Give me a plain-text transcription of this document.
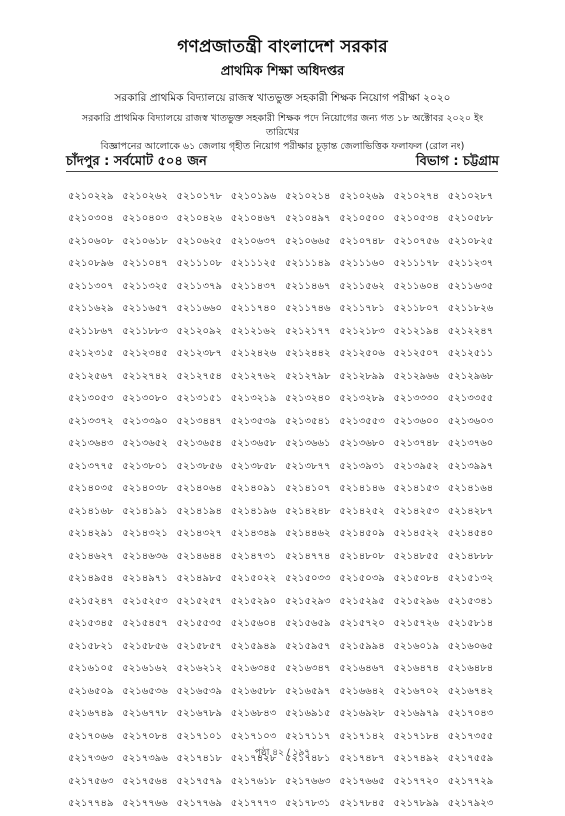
গণপ্রজাতন্ত্রী বাংলাদেশ সরকার
প্রাথমিক শিক্ষা অধিদপ্তর
সরকারি প্রাথমিক বিদ্যালয়ে রাজস্ব খাতভুক্ত সহকারী শিক্ষক নিয়োগ পরীক্ষা ২০২০
সরকারি প্রাথমিক বিদ্যালয়ে রাজস্ব খাতভুক্ত সহকারী শিক্ষক পদে নিয়োগের জন্য গত ১৮ অক্টোবর ২০২০ ইং তারিখের
বিজ্ঞাপনের আলোকে ৬১ জেলায় গৃহীত নিয়োগ পরীক্ষার চূড়ান্ত জেলাভিত্তিক ফলাফল (রোল নং)
চাঁদপুর : সর্বমোট ৫০৪ জন	বিভাগ : চট্টগ্রাম
৫২১০২২৯ ৫২১০২৬২ ৫২১০১৭৮ ৫২১০১৯৬ ৫২১০২১৪ ৫২১০২৬৯ ৫২১০২৭৪ ৫২১০২৮৭
৫২১০৩০৪ ৫২১০৪০৩ ৫২১০৪২৬ ৫২১০৪৬৭ ৫২১০৪৯৭ ৫২১০৫০০ ৫২১০৫৩৪ ৫২১০৫৮৮
৫২১০৬০৮ ৫২১০৬১৮ ৫২১০৬২৫ ৫২১০৬৩৭ ৫২১০৬৬৫ ৫২১০৭৪৮ ৫২১০৭৫৬ ৫২১০৮২৫
৫২১০৮৯৬ ৫২১১০৪৭ ৫২১১১০৮ ৫২১১১২৫ ৫২১১১৪৯ ৫২১১১৬০ ৫২১১১৭৮ ৫২১১২৩৭
৫২১১৩০৭ ৫২১১৩২৫ ৫২১১৩৭৯ ৫২১১৪৩৭ ৫২১১৪৬৭ ৫২১১৫৬২ ৫২১১৬০৪ ৫২১১৬৩৫
৫২১১৬২৯ ৫২১১৬৫৭ ৫২১১৬৬০ ৫২১১৭৪০ ৫২১১৭৪৬ ৫২১১৭৮১ ৫২১১৮০৭ ৫২১১৮২৬
৫২১১৮৬৭ ৫২১১৮৮৩ ৫২১২০৯২ ৫২১২১৬২ ৫২১২১৭৭ ৫২১২১৮৩ ৫২১২১৯৪ ৫২১২২৪৭
৫২১২৩১৫ ৫২১২৩৪৫ ৫২১২৩৮৭ ৫২১২৪২৬ ৫২১২৪৪২ ৫২১২৫০৬ ৫২১২৫০৭ ৫২১২৫১১
৫২১২৫৬৭ ৫২১২৭৪২ ৫২১২৭৫৪ ৫২১২৭৬২ ৫২১২৭৯৮ ৫২১২৮৯৯ ৫২১২৯৬৬ ৫২১২৯৬৮
৫২১৩০৫৩ ৫২১৩০৮০ ৫২১৩১৫১ ৫২১৩২১৯ ৫২১৩২৪০ ৫২১৩২৮৯ ৫২১৩৩৩০ ৫২১৩৩৫৫
৫২১৩৩৭২ ৫২১৩৩৯০ ৫২১৩৪৪৭ ৫২১৩৫৩৯ ৫২১৩৫৪১ ৫২১৩৫৫৩ ৫২১৩৬০০ ৫২১৩৬০৩
৫২১৩৬৪৩ ৫২১৩৬৫২ ৫২১৩৬৫৪ ৫২১৩৬৫৮ ৫২১৩৬৬১ ৫২১৩৬৮০ ৫২১৩৭৪৮ ৫২১৩৭৬০
৫২১৩৭৭৫ ৫২১৩৮০১ ৫২১৩৮৫৬ ৫২১৩৮৫৮ ৫২১৩৮৭৭ ৫২১৩৯৩১ ৫২১৩৯৫২ ৫২১৩৯৯৭
৫২১৪০৩৫ ৫২১৪০৩৮ ৫২১৪০৬৪ ৫২১৪০৯১ ৫২১৪১০৭ ৫২১৪১৪৬ ৫২১৪১৫৩ ৫২১৪১৬৪
৫২১৪১৬৮ ৫২১৪১৯১ ৫২১৪১৯৪ ৫২১৪১৯৬ ৫২১৪২৪৮ ৫২১৪২৫২ ৫২১৪২৫৩ ৫২১৪২৮৭
৫২১৪২৯১ ৫২১৪৩২১ ৫২১৪৩২৭ ৫২১৪৩৪৯ ৫২১৪৪৬২ ৫২১৪৫০৯ ৫২১৪৫২২ ৫২১৪৫৪০
৫২১৪৬২৭ ৫২১৪৬৩৬ ৫২১৪৬৪৪ ৫২১৪৭৩১ ৫২১৪৭৭৪ ৫২১৪৮০৮ ৫২১৪৮৫৫ ৫২১৪৮৮৮
৫২১৪৯৫৪ ৫২১৪৯৭১ ৫২১৪৯৮৫ ৫২১৫০২২ ৫২১৫০৩৩ ৫২১৫০৩৯ ৫২১৫০৮৪ ৫২১৫১৩২
৫২১৫২৪৭ ৫২১৫২৫৩ ৫২১৫২৫৭ ৫২১৫২৯০ ৫২১৫২৯৩ ৫২১৫২৯৫ ৫২১৫২৯৬ ৫২১৫৩৪১
৫২১৫৩৪৫ ৫২১৫৪৫৭ ৫২১৫৫৩৫ ৫২১৫৬০৪ ৫২১৫৬৫৯ ৫২১৫৭২০ ৫২১৫৭২৬ ৫২১৫৮১৪
৫২১৫৮২১ ৫২১৫৮৫৬ ৫২১৫৮৫৭ ৫২১৫৯৪৯ ৫২১৫৯৫৭ ৫২১৫৯৯৪ ৫২১৬০১৯ ৫২১৬০৬৫
৫২১৬১০৫ ৫২১৬১৬২ ৫২১৬২১২ ৫২১৬৩৪৫ ৫২১৬৩৪৭ ৫২১৬৪৬৭ ৫২১৬৪৭৪ ৫২১৬৪৮৪
৫২১৬৫০৯ ৫২১৬৫৩৬ ৫২১৬৫৩৯ ৫২১৬৫৮৮ ৫২১৬৫৯৭ ৫২১৬৬৪২ ৫২১৬৭০২ ৫২১৬৭৪২
৫২১৬৭৪৯ ৫২১৬৭৭৮ ৫২১৬৭৮৯ ৫২১৬৮৪৩ ৫২১৬৯১৫ ৫২১৬৯২৮ ৫২১৬৯৭৯ ৫২১৭০৪৩
৫২১৭০৬৬ ৫২১৭০৮৪ ৫২১৭১০১ ৫২১৭১০৩ ৫২১৭১১৭ ৫২১৭১৪২ ৫২১৭১৮৪ ৫২১৭৩৫৫
৫২১৭৩৬৩ ৫২১৭৩৯৬ ৫২১৭৪১৮ ৫২১৭৪২৮ ৫২১৭৪৮১ ৫২১৭৪৮৭ ৫২১৭৪৯২ ৫২১৭৫৫৯
৫২১৭৫৬৩ ৫২১৭৫৬৪ ৫২১৭৫৭৯ ৫২১৭৬১৮ ৫২১৭৬৬৩ ৫২১৭৬৬৫ ৫২১৭৭২০ ৫২১৭৭২৯
৫২১৭৭৪৯ ৫২১৭৭৬৬ ৫২১৭৭৬৯ ৫২১৭৭৭৩ ৫২১৭৮৩১ ৫২১৭৮৪৫ ৫২১৭৮৯৯ ৫২১৭৯২৩
পৃষ্ঠা ৪২ / ১৯৭
